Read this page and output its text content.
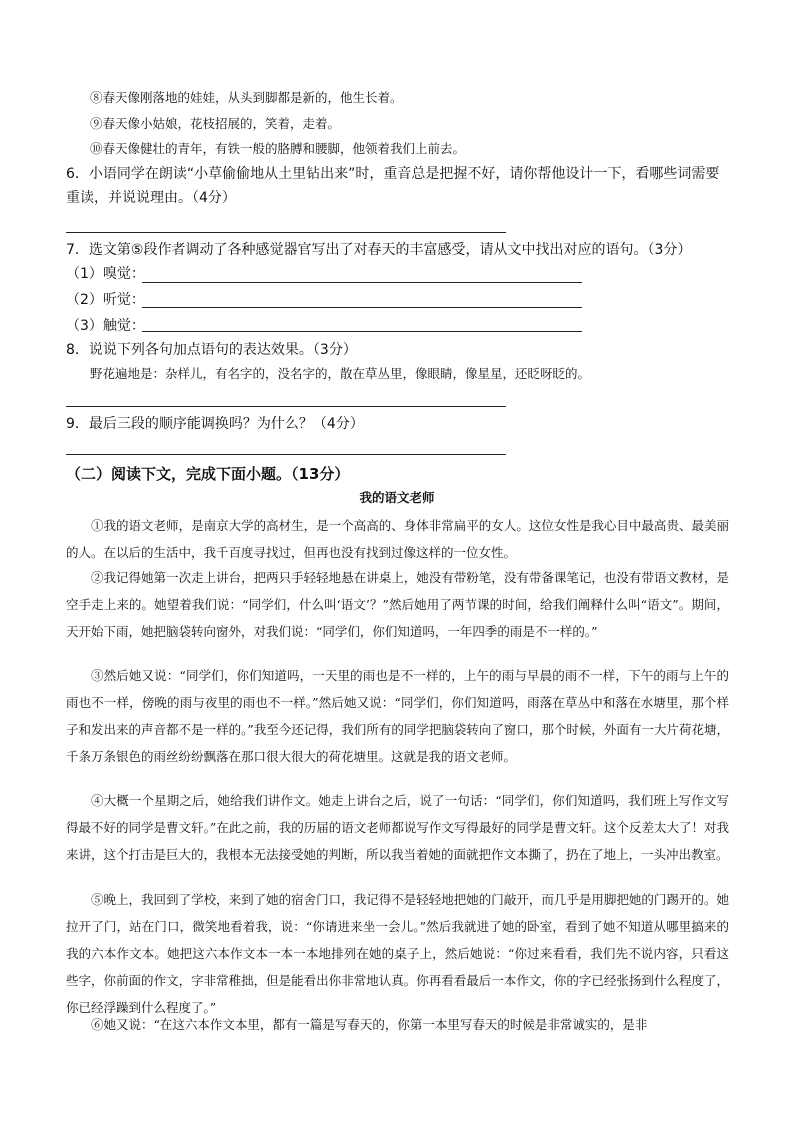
⑧春天像刚落地的娃娃，从头到脚都是新的，他生长着。
⑨春天像小姑娘，花枝招展的，笑着，走着。
⑩春天像健壮的青年，有铁一般的胳膊和腰脚，他领着我们上前去。
6．小语同学在朗读“小草偷偷地从土里钻出来”时，重音总是把握不好，请你帮他设计一下，看哪些词需要重读，并说说理由。（4分）
7．选文第⑤段作者调动了各种感觉器官写出了对春天的丰富感受，请从文中找出对应的语句。（3分）
（1）嗅觉：
（2）听觉：
（3）触觉：
8．说说下列各句加点语句的表达效果。（3分）
野花遍地是：杂样儿，有名字的，没名字的，散在草丛里，像眼睛，像星星，还眨呀眨的。
9．最后三段的顺序能调换吗？为什么？（4分）
（二）阅读下文，完成下面小题。（13分）
我的语文老师
①我的语文老师，是南京大学的高材生，是一个高高的、身体非常扁平的女人。这位女性是我心目中最高贵、最美丽的人。在以后的生活中，我千百度寻找过，但再也没有找到过像这样的一位女性。
②我记得她第一次走上讲台，把两只手轻轻地悬在讲桌上，她没有带粉笔，没有带备课笔记，也没有带语文教材，是空手走上来的。她望着我们说：“同学们，什么叫‘语文’？”然后她用了两节课的时间，给我们阐释什么叫“语文”。期间，天开始下雨，她把脑袋转向窗外，对我们说：“同学们，你们知道吗，一年四季的雨是不一样的。”
③然后她又说：“同学们，你们知道吗，一天里的雨也是不一样的，上午的雨与早晨的雨不一样，下午的雨与上午的雨也不一样，傍晚的雨与夜里的雨也不一样。”然后她又说：“同学们，你们知道吗，雨落在草丛中和落在水塘里，那个样子和发出来的声音都不是一样的。”我至今还记得，我们所有的同学把脑袋转向了窗口，那个时候，外面有一大片荷花塘，千条万条银色的雨丝纷纷飘落在那口很大很大的荷花塘里。这就是我的语文老师。
④大概一个星期之后，她给我们讲作文。她走上讲台之后，说了一句话：“同学们，你们知道吗，我们班上写作文写得最不好的同学是曹文轩。”在此之前，我的历届的语文老师都说写作文写得最好的同学是曹文轩。这个反差太大了！对我来讲，这个打击是巨大的，我根本无法接受她的判断，所以我当着她的面就把作文本撕了，扔在了地上，一头冲出教室。
⑤晚上，我回到了学校，来到了她的宿舍门口，我记得不是轻轻地把她的门敲开，而几乎是用脚把她的门踢开的。她拉开了门，站在门口，微笑地看着我，说：“你请进来坐一会儿。”然后我就进了她的卧室，看到了她不知道从哪里搞来的我的六本作文本。她把这六本作文本一本一本地排列在她的桌子上，然后她说：“你过来看看，我们先不说内容，只看这些字，你前面的作文，字非常稚拙，但是能看出你非常地认真。你再看看最后一本作文，你的字已经张扬到什么程度了，你已经浮躁到什么程度了。”
⑥她又说：“在这六本作文本里，都有一篇是写春天的，你第一本里写春天的时候是非常诚实的，是非
